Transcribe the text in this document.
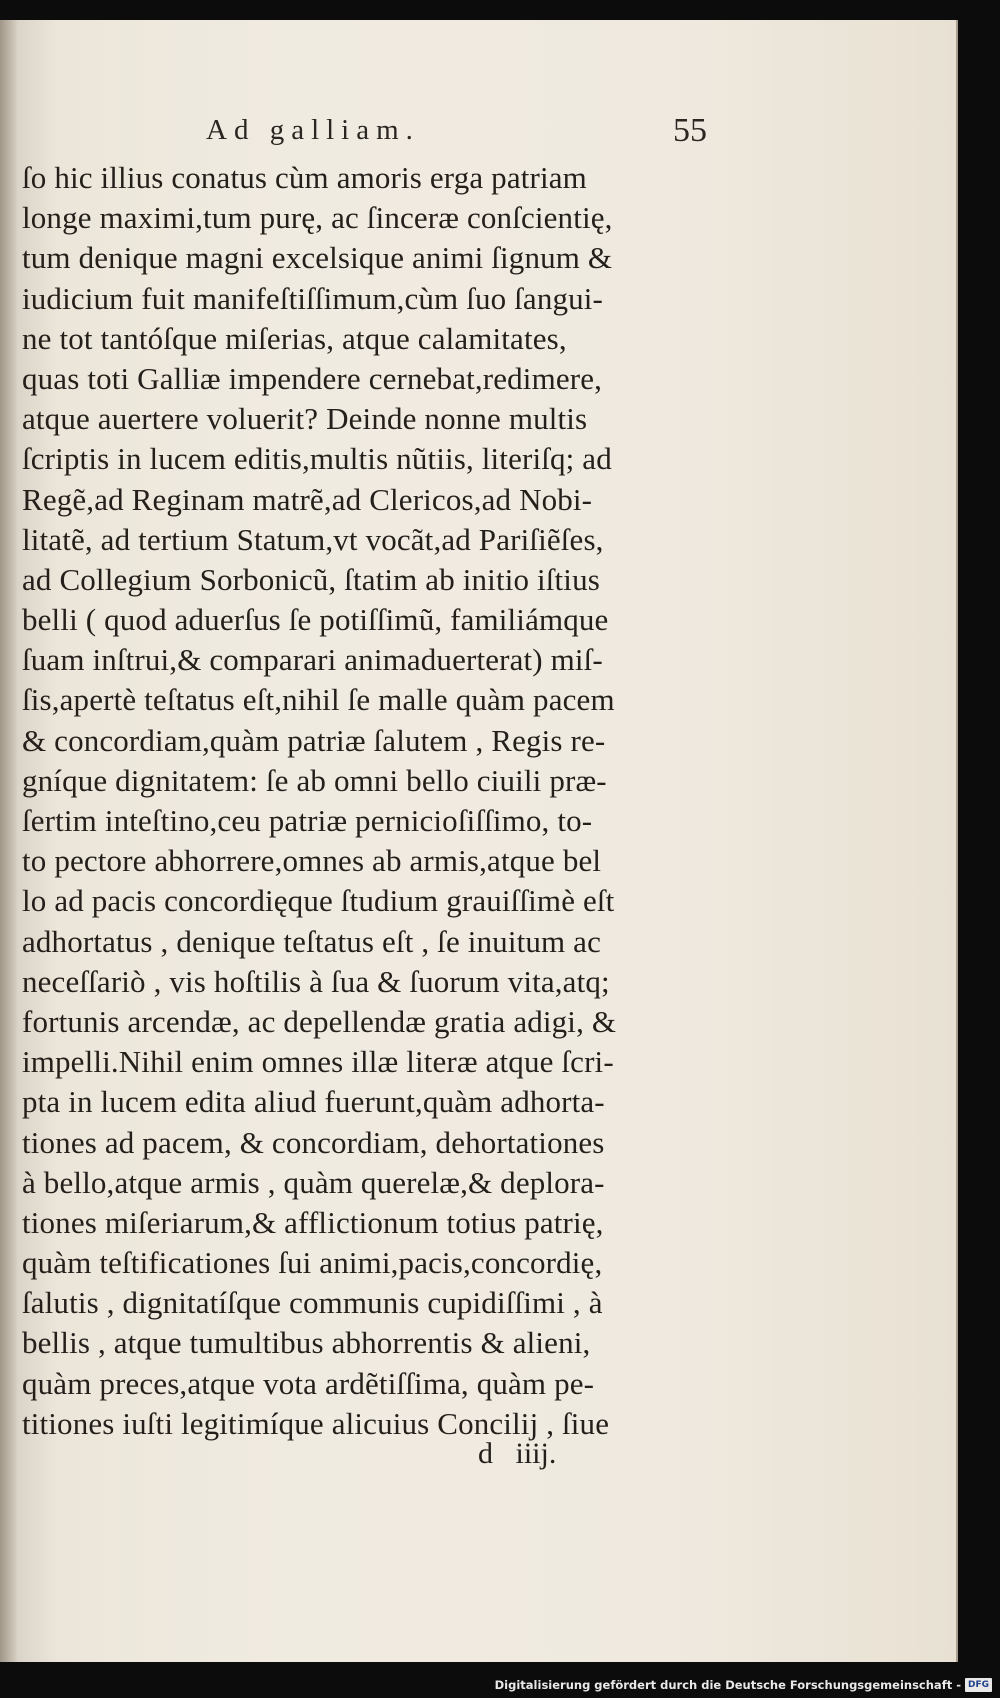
Ad galliam.	55
ſo hic illius conatus cùm amoris erga patriam
longe maximi,tum purę, ac ſinceræ conſcientię,
tum denique magni excelsique animi ſignum &
iudicium fuit manifeſtiſſimum,cùm ſuo ſangui-
ne tot tantóſque miſerias, atque calamitates,
quas toti Galliæ impendere cernebat,redimere,
atque auertere voluerit? Deinde nonne multis
ſcriptis in lucem editis,multis nũtiis, literiſq; ad
Regẽ,ad Reginam matrẽ,ad Clericos,ad Nobi-
litatẽ, ad tertium Statum,vt vocãt,ad Pariſiẽſes,
ad Collegium Sorbonicũ, ſtatim ab initio iſtius
belli ( quod aduerſus ſe potiſſimũ, familiámque
ſuam inſtrui,& comparari animaduerterat) miſ-
ſis,apertè teſtatus eſt,nihil ſe malle quàm pacem
& concordiam,quàm patriæ ſalutem , Regis re-
gníque dignitatem: ſe ab omni bello ciuili præ-
ſertim inteſtino,ceu patriæ pernicioſiſſimo, to-
to pectore abhorrere,omnes ab armis,atque bel
lo ad pacis concordięque ſtudium grauiſſimè eſt
adhortatus , denique teſtatus eſt , ſe inuitum ac
neceſſariò , vis hoſtilis à ſua & ſuorum vita,atq;
fortunis arcendæ, ac depellendæ gratia adigi, &
impelli.Nihil enim omnes illæ literæ atque ſcri-
pta in lucem edita aliud fuerunt,quàm adhorta-
tiones ad pacem, & concordiam, dehortationes
à bello,atque armis , quàm querelæ,& deplora-
tiones miſeriarum,& afflictionum totius patrię,
quàm teſtificationes ſui animi,pacis,concordię,
ſalutis , dignitatíſque communis cupidiſſimi , à
bellis , atque tumultibus abhorrentis & alieni,
quàm preces,atque vota ardẽtiſſima, quàm pe-
titiones iuſti legitimíque alicuius Concilij , ſiue
d   iiij.
Digitalisierung gefördert durch die Deutsche Forschungsgemeinschaft - DFG
